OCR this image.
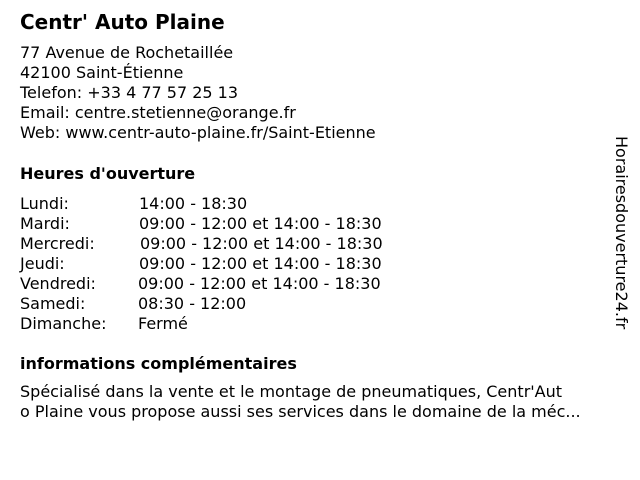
Centr' Auto Plaine
77 Avenue de Rochetaillée
42100 Saint-Étienne
Telefon: +33 4 77 57 25 13
Email: centre.stetienne@orange.fr
Web: www.centr-auto-plaine.fr/Saint-Etienne
Heures d'ouverture
Lundi:	14:00 - 18:30
Mardi:	09:00 - 12:00 et 14:00 - 18:30
Mercredi:	09:00 - 12:00 et 14:00 - 18:30
Jeudi:	09:00 - 12:00 et 14:00 - 18:30
Vendredi:	09:00 - 12:00 et 14:00 - 18:30
Samedi:	08:30 - 12:00
Dimanche: Fermé
informations complémentaires
Spécialisé dans la vente et le montage de pneumatiques, Centr'Aut
o Plaine vous propose aussi ses services dans le domaine de la méc...
Horairesdouverture24.fr
